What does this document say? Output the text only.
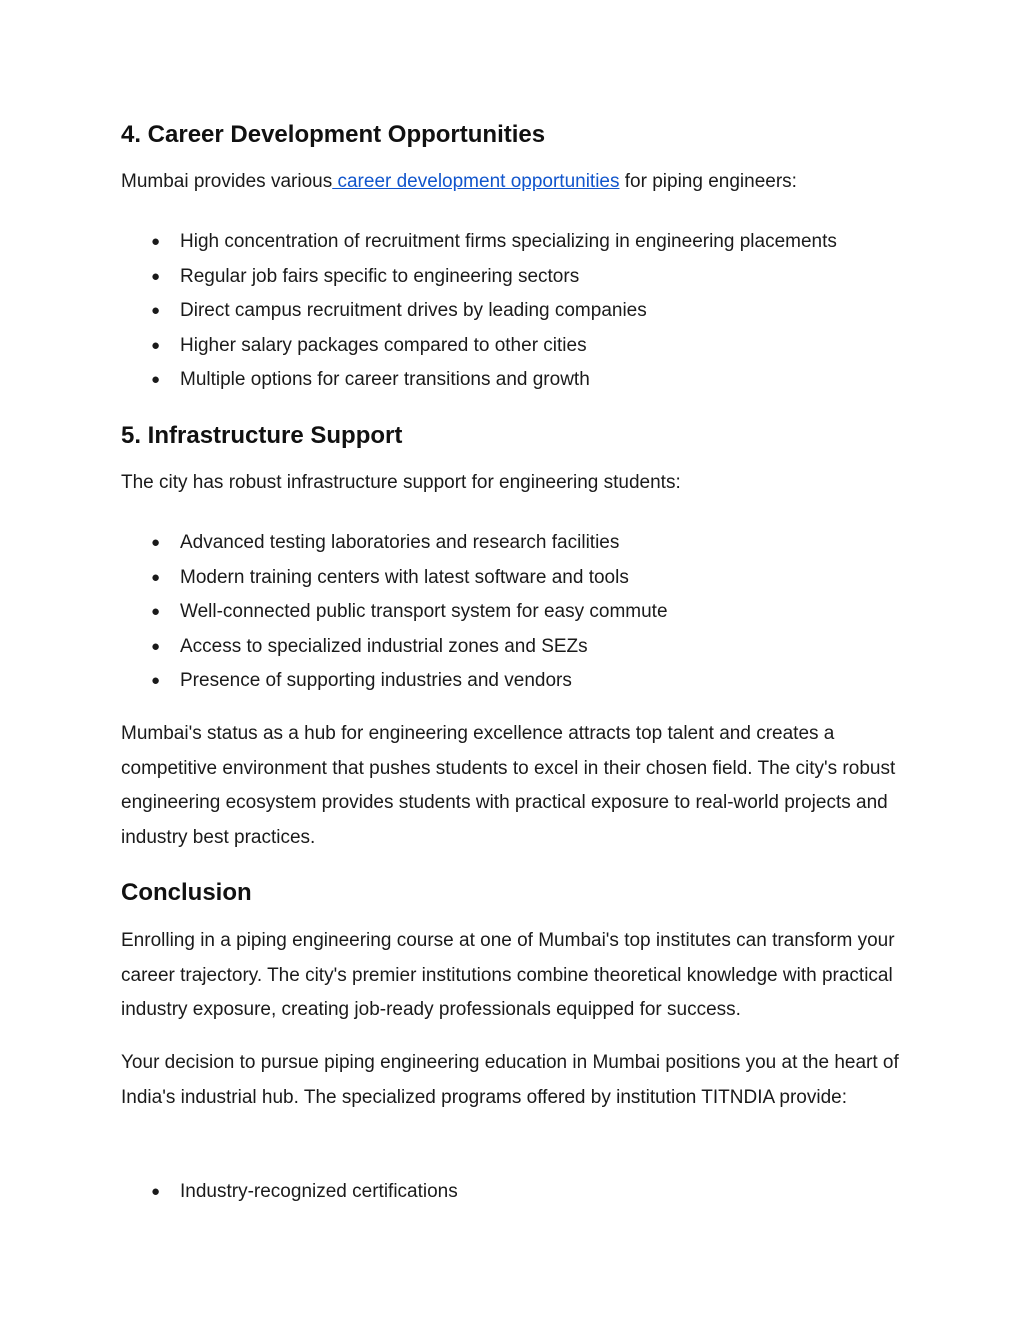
4. Career Development Opportunities

Mumbai provides various career development opportunities for piping engineers:

● High concentration of recruitment firms specializing in engineering placements
● Regular job fairs specific to engineering sectors
● Direct campus recruitment drives by leading companies
● Higher salary packages compared to other cities
● Multiple options for career transitions and growth
5. Infrastructure Support

The city has robust infrastructure support for engineering students:

● Advanced testing laboratories and research facilities
● Modern training centers with latest software and tools
● Well-connected public transport system for easy commute
● Access to specialized industrial zones and SEZs
● Presence of supporting industries and vendors

Mumbai's status as a hub for engineering excellence attracts top talent and creates a competitive environment that pushes students to excel in their chosen field. The city's robust engineering ecosystem provides students with practical exposure to real-world projects and industry best practices.

Conclusion

Enrolling in a piping engineering course at one of Mumbai's top institutes can transform your career trajectory. The city's premier institutions combine theoretical knowledge with practical industry exposure, creating job-ready professionals equipped for success.

Your decision to pursue piping engineering education in Mumbai positions you at the heart of India's industrial hub. The specialized programs offered by institution TITNDIA provide:

● Industry-recognized certifications
